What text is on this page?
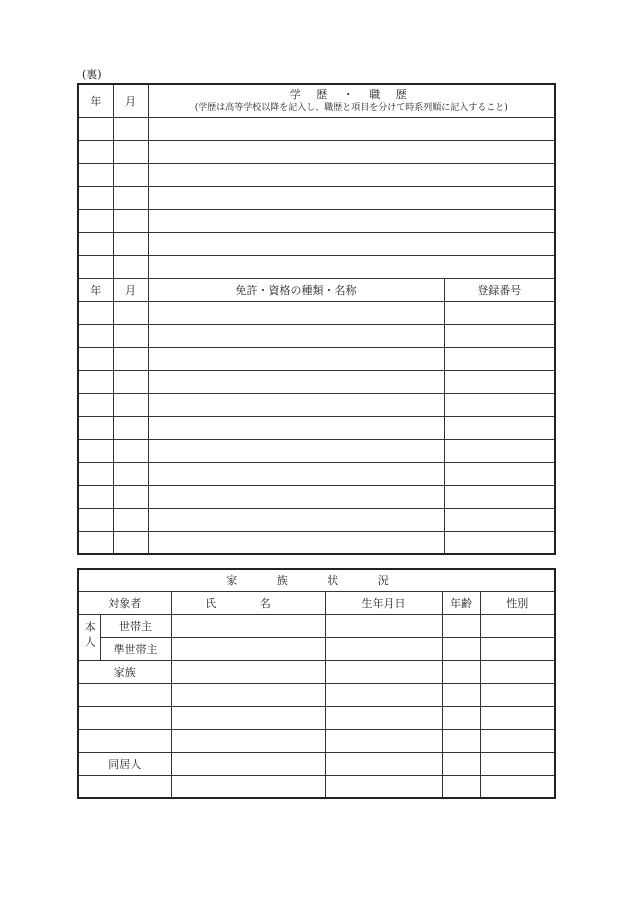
(裏)
年	月	学 歴 ・ 職 歴
(学歴は高等学校以降を記入し、職歴と項目を分けて時系列順に記入すること)	

年	月	免許・資格の種類・名称	登録番号

家 族 状 況					
対象者		氏 名	生年月日	年齢	性別
本人	世帯主				
	準世帯主				
家族					

同居人					
